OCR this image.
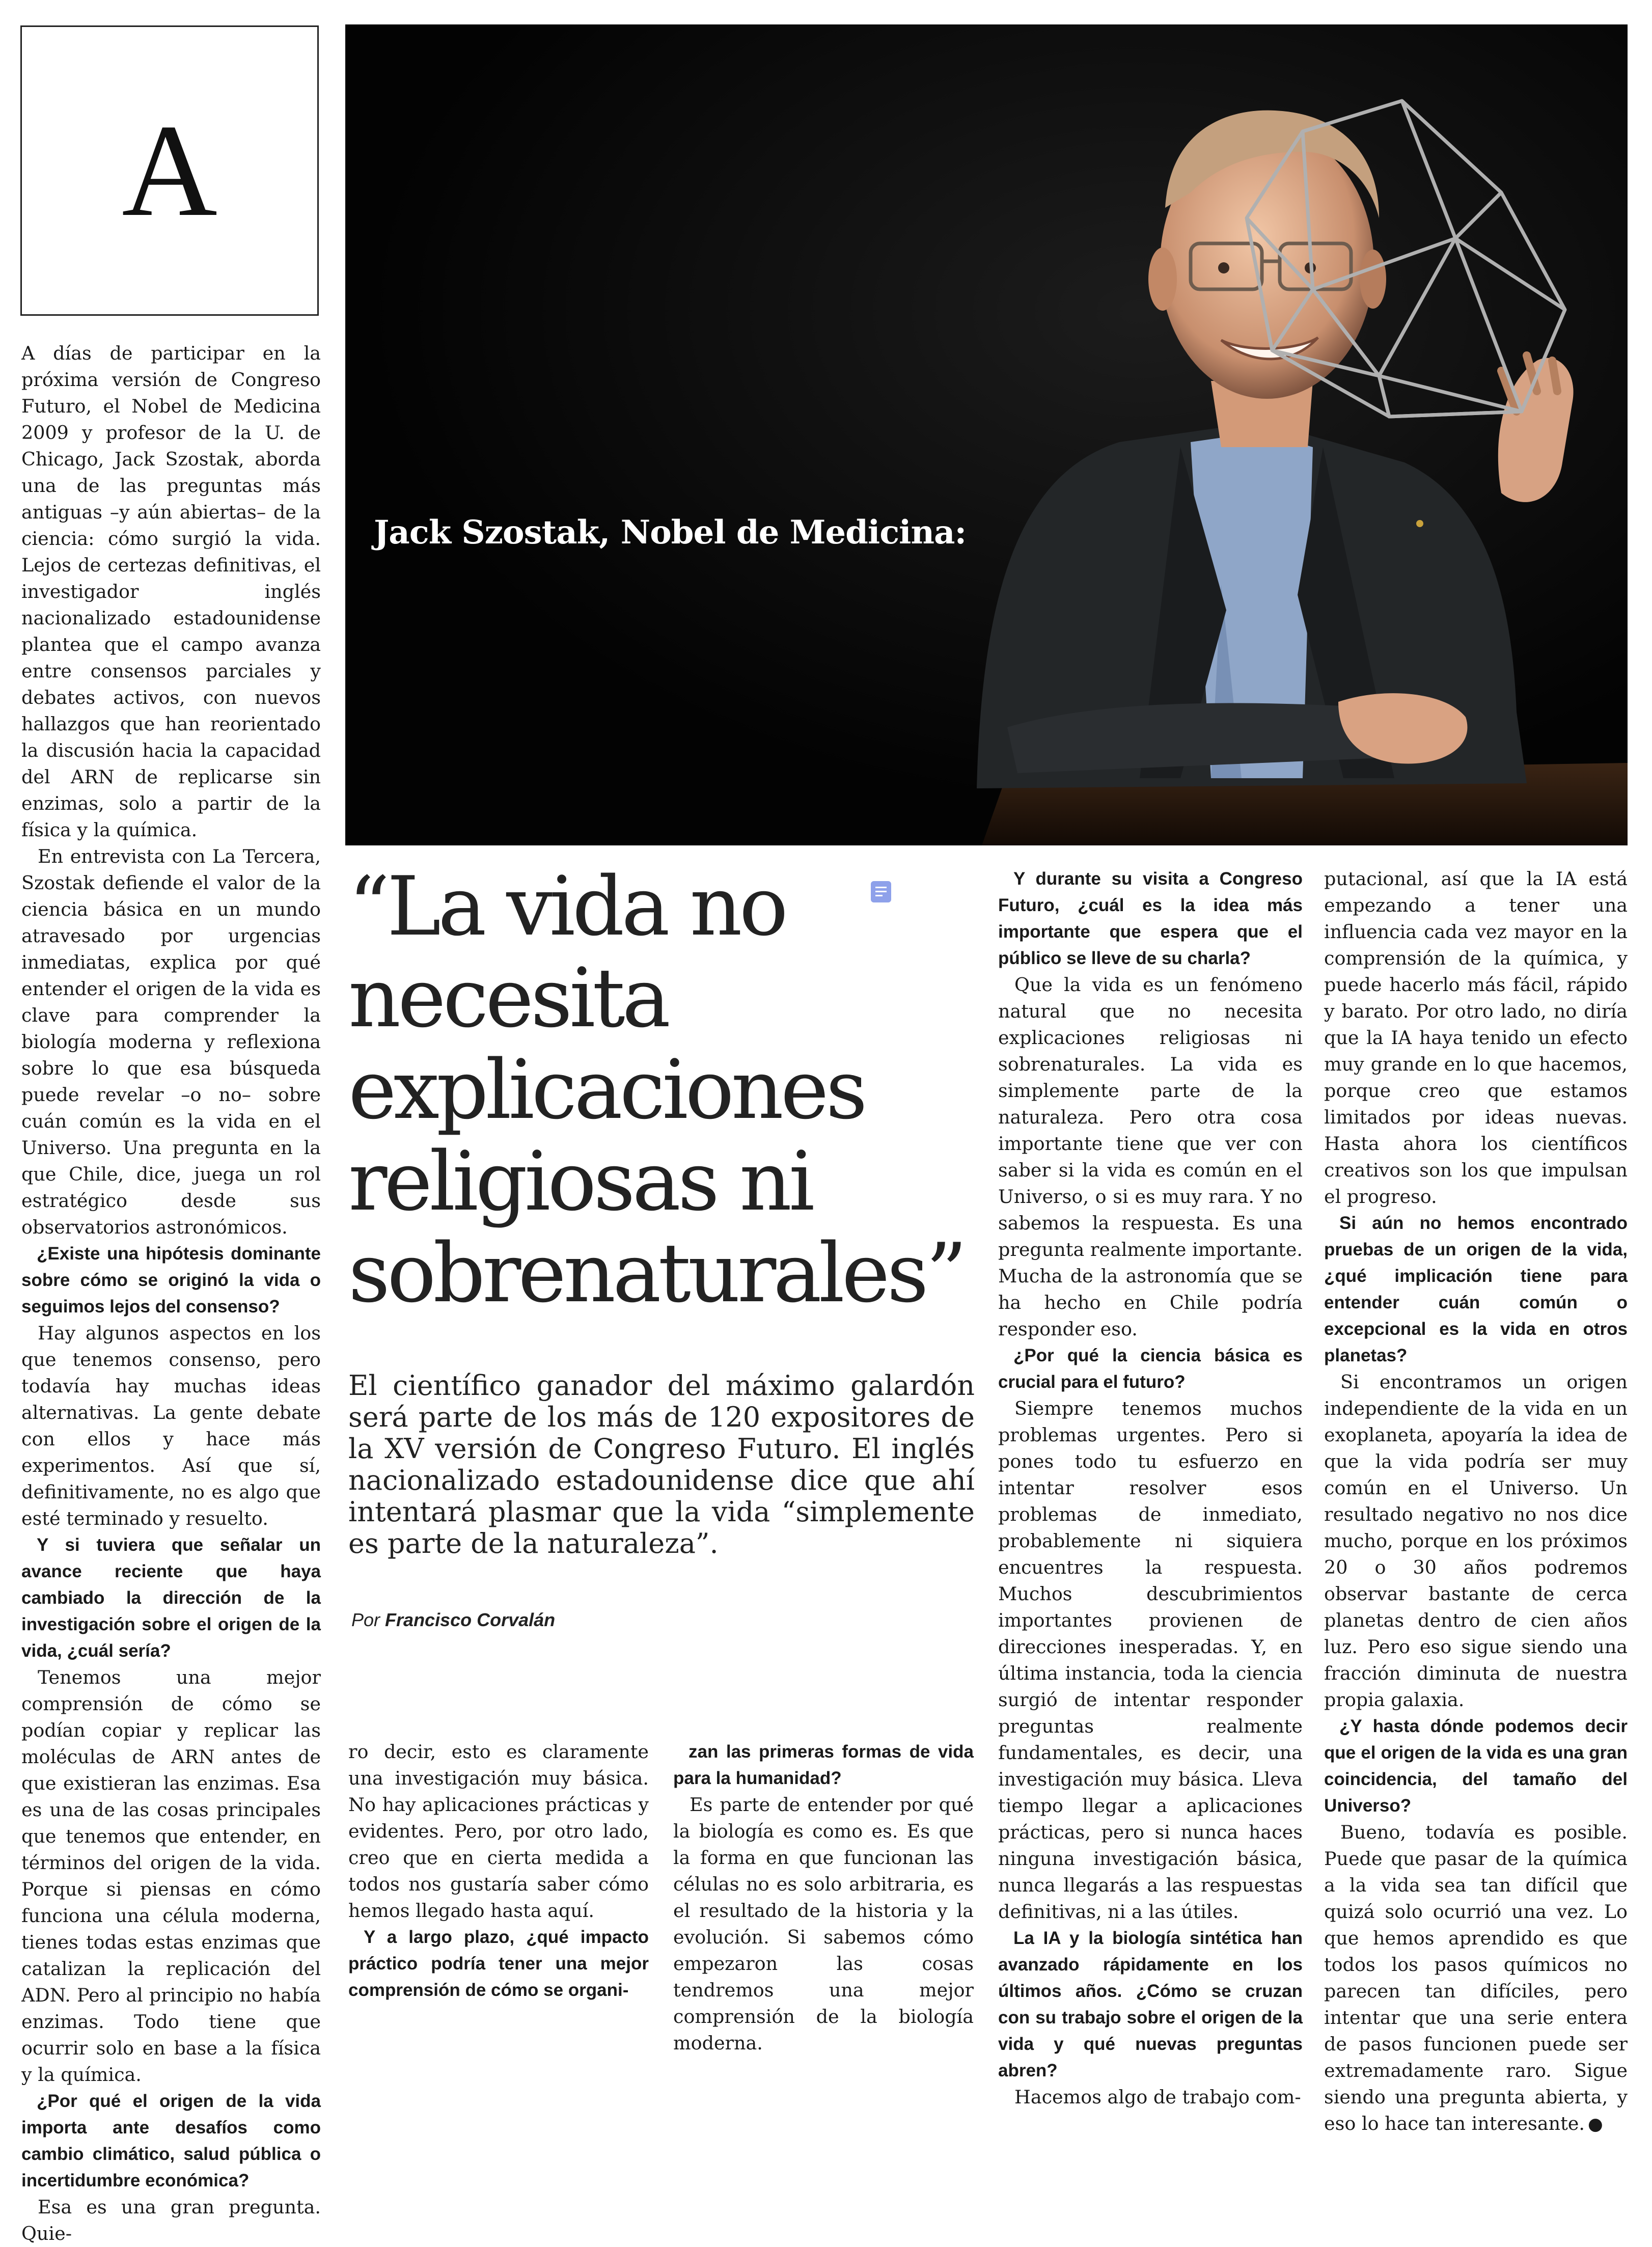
A
Jack Szostak, Nobel de Medicina:
“La vida no necesita explicaciones religiosas ni sobrenaturales”
El científico ganador del máximo galardón será parte de los más de 120 expositores de la XV versión de Congreso Futuro. El inglés nacionalizado estadounidense dice que ahí intentará plasmar que la vida “simplemente es parte de la naturaleza”.
Por Francisco Corvalán

A días de participar en la próxima versión de Congreso Futuro, el Nobel de Medicina 2009 y profesor de la U. de Chicago, Jack Szostak, aborda una de las preguntas más antiguas –y aún abiertas– de la ciencia: cómo surgió la vida. Lejos de certezas definitivas, el investigador inglés nacionalizado estadounidense plantea que el campo avanza entre consensos parciales y debates activos, con nuevos hallazgos que han reorientado la discusión hacia la capacidad del ARN de replicarse sin enzimas, solo a partir de la física y la química.

En entrevista con La Tercera, Szostak defiende el valor de la ciencia básica en un mundo atravesado por urgencias inmediatas, explica por qué entender el origen de la vida es clave para comprender la biología moderna y reflexiona sobre lo que esa búsqueda puede revelar –o no– sobre cuán común es la vida en el Universo. Una pregunta en la que Chile, dice, juega un rol estratégico desde sus observatorios astronómicos.

¿Existe una hipótesis dominante sobre cómo se originó la vida o seguimos lejos del consenso?

Hay algunos aspectos en los que tenemos consenso, pero todavía hay muchas ideas alternativas. La gente debate con ellos y hace más experimentos. Así que sí, definitivamente, no es algo que esté terminado y resuelto.

Y si tuviera que señalar un avance reciente que haya cambiado la dirección de la investigación sobre el origen de la vida, ¿cuál sería?

Tenemos una mejor comprensión de cómo se podían copiar y replicar las moléculas de ARN antes de que existieran las enzimas. Esa es una de las cosas principales que tenemos que entender, en términos del origen de la vida. Porque si piensas en cómo funciona una célula moderna, tienes todas estas enzimas que catalizan la replicación del ADN. Pero al principio no había enzimas. Todo tiene que ocurrir solo en base a la física y la química.

¿Por qué el origen de la vida importa ante desafíos como cambio climático, salud pública o incertidumbre económica?

Esa es una gran pregunta. Quie-

ro decir, esto es claramente una investigación muy básica. No hay aplicaciones prácticas y evidentes. Pero, por otro lado, creo que en cierta medida a todos nos gustaría saber cómo hemos llegado hasta aquí.

Y a largo plazo, ¿qué impacto práctico podría tener una mejor comprensión de cómo se organi-

zan las primeras formas de vida para la humanidad?

Es parte de entender por qué la biología es como es. Es que la forma en que funcionan las células no es solo arbitraria, es el resultado de la historia y la evolución. Si sabemos cómo empezaron las cosas tendremos una mejor comprensión de la biología moderna.

Y durante su visita a Congreso Futuro, ¿cuál es la idea más importante que espera que el público se lleve de su charla?

Que la vida es un fenómeno natural que no necesita explicaciones religiosas ni sobrenaturales. La vida es simplemente parte de la naturaleza. Pero otra cosa importante tiene que ver con saber si la vida es común en el Universo, o si es muy rara. Y no sabemos la respuesta. Es una pregunta realmente importante. Mucha de la astronomía que se ha hecho en Chile podría responder eso.

¿Por qué la ciencia básica es crucial para el futuro?

Siempre tenemos muchos problemas urgentes. Pero si pones todo tu esfuerzo en intentar resolver esos problemas de inmediato, probablemente ni siquiera encuentres la respuesta. Muchos descubrimientos importantes provienen de direcciones inesperadas. Y, en última instancia, toda la ciencia surgió de intentar responder preguntas realmente fundamentales, es decir, una investigación muy básica. Lleva tiempo llegar a aplicaciones prácticas, pero si nunca haces ninguna investigación básica, nunca llegarás a las respuestas definitivas, ni a las útiles.

La IA y la biología sintética han avanzado rápidamente en los últimos años. ¿Cómo se cruzan con su trabajo sobre el origen de la vida y qué nuevas preguntas abren?

Hacemos algo de trabajo com-

putacional, así que la IA está empezando a tener una influencia cada vez mayor en la comprensión de la química, y puede hacerlo más fácil, rápido y barato. Por otro lado, no diría que la IA haya tenido un efecto muy grande en lo que hacemos, porque creo que estamos limitados por ideas nuevas. Hasta ahora los científicos creativos son los que impulsan el progreso.

Si aún no hemos encontrado pruebas de un origen de la vida, ¿qué implicación tiene para entender cuán común o excepcional es la vida en otros planetas?

Si encontramos un origen independiente de la vida en un exoplaneta, apoyaría la idea de que la vida podría ser muy común en el Universo. Un resultado negativo no nos dice mucho, porque en los próximos 20 o 30 años podremos observar bastante de cerca planetas dentro de cien años luz. Pero eso sigue siendo una fracción diminuta de nuestra propia galaxia.

¿Y hasta dónde podemos decir que el origen de la vida es una gran coincidencia, del tamaño del Universo?

Bueno, todavía es posible. Puede que pasar de la química a la vida sea tan difícil que quizá solo ocurrió una vez. Lo que hemos aprendido es que todos los pasos químicos no parecen tan difíciles, pero intentar que una serie entera de pasos funcionen puede ser extremadamente raro. Sigue siendo una pregunta abierta, y eso lo hace tan interesante. ●
